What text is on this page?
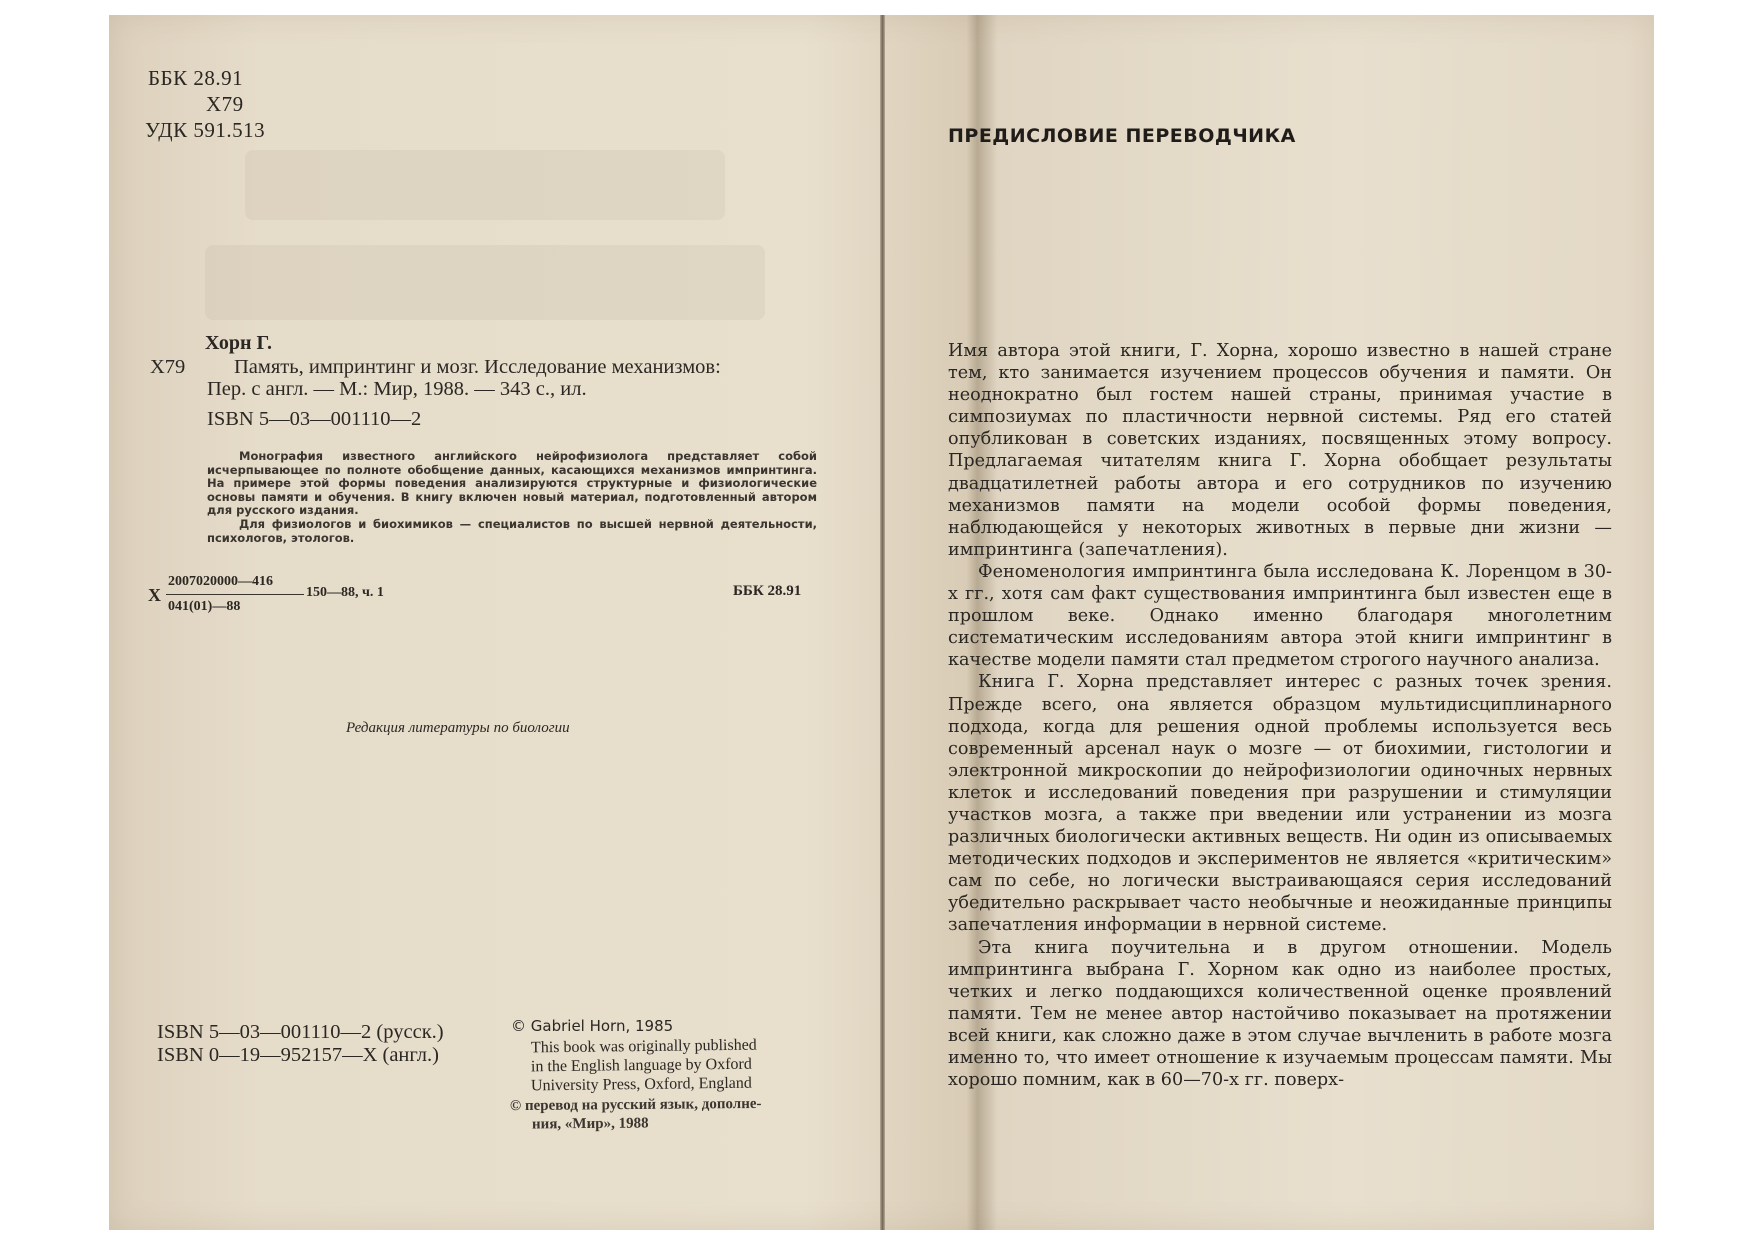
ББК 28.91
Х79
УДК 591.513
Хорн Г.
Х79 Память, импринтинг и мозг. Исследование механизмов:
Пер. с англ. — М.: Мир, 1988. — 343 с., ил.
ISBN 5—03—001110—2
Монография известного английского нейрофизиолога представляет собой исчерпывающее по полноте обобщение данных, касающихся механизмов импринтинга. На примере этой формы поведения анализируются структурные и физиологические основы памяти и обучения. В книгу включен новый материал, подготовленный автором для русского издания.
Для физиологов и биохимиков — специалистов по высшей нервной деятельности, психологов, этологов.
Х
2007020000—416
041(01)—88
150—88, ч. 1	ББК 28.91
Редакция литературы по биологии
ISBN 5—03—001110—2 (русск.)
ISBN 0—19—952157—X (англ.)
© Gabriel Horn, 1985
This book was originally published
in the English language by Oxford
University Press, Oxford, England
© перевод на русский язык, дополне-
ния, «Мир», 1988
ПРЕДИСЛОВИЕ ПЕРЕВОДЧИКА

Имя автора этой книги, Г. Хорна, хорошо известно в нашей стране тем, кто занимается изучением процессов обучения и памяти. Он неоднократно был гостем нашей страны, принимая участие в симпозиумах по пластичности нервной системы. Ряд его статей опубликован в советских изданиях, посвященных этому вопросу. Предлагаемая читателям книга Г. Хорна обобщает результаты двадцатилетней работы автора и его сотрудников по изучению механизмов памяти на модели особой формы поведения, наблюдающейся у некоторых животных в первые дни жизни — импринтинга (запечатления).

Феноменология импринтинга была исследована К. Лоренцом в 30-х гг., хотя сам факт существования импринтинга был известен еще в прошлом веке. Однако именно благодаря многолетним систематическим исследованиям автора этой книги импринтинг в качестве модели памяти стал предметом строгого научного анализа.

Книга Г. Хорна представляет интерес с разных точек зрения. Прежде всего, она является образцом мультидисциплинарного подхода, когда для решения одной проблемы используется весь современный арсенал наук о мозге — от биохимии, гистологии и электронной микроскопии до нейрофизиологии одиночных нервных клеток и исследований поведения при разрушении и стимуляции участков мозга, а также при введении или устранении из мозга различных биологически активных веществ. Ни один из описываемых методических подходов и экспериментов не является «критическим» сам по себе, но логически выстраивающаяся серия исследований убедительно раскрывает часто необычные и неожиданные принципы запечатления информации в нервной системе.

Эта книга поучительна и в другом отношении. Модель импринтинга выбрана Г. Хорном как одно из наиболее простых, четких и легко поддающихся количественной оценке проявлений памяти. Тем не менее автор настойчиво показывает на протяжении всей книги, как сложно даже в этом случае вычленить в работе мозга именно то, что имеет отношение к изучаемым процессам памяти. Мы хорошо помним, как в 60—70-х гг. поверх-
